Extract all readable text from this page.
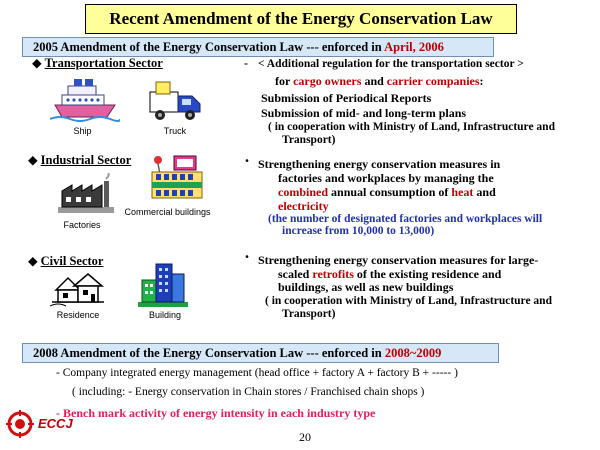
Recent Amendment of the Energy Conservation Law
2005 Amendment of the Energy Conservation Law --- enforced in April, 2006
◆ Transportation Sector
Ship	Truck
- < Additional regulation for the transportation sector >
for cargo owners and carrier companies:
Submission of Periodical Reports
Submission of mid- and long-term plans
( in cooperation with Ministry of Land, Infrastructure and
Transport)
◆ Industrial Sector
Factories
Commercial buildings
･ Strengthening energy conservation measures in
factories and workplaces by managing the
combined annual consumption of heat and
electricity
(the number of designated factories and workplaces will
increase from 10,000 to 13,000)
◆ Civil Sector
Residence	Building
･ Strengthening energy conservation measures for large-
scaled retrofits of the existing residence and
buildings, as well as new buildings
( in cooperation with Ministry of Land, Infrastructure and
Transport)
2008 Amendment of the Energy Conservation Law --- enforced in 2008~2009
- Company integrated energy management (head office + factory A + factory B + ----- )
( including: - Energy conservation in Chain stores / Franchised chain shops )
- Bench mark activity of energy intensity in each industry type
ECCJ
20
